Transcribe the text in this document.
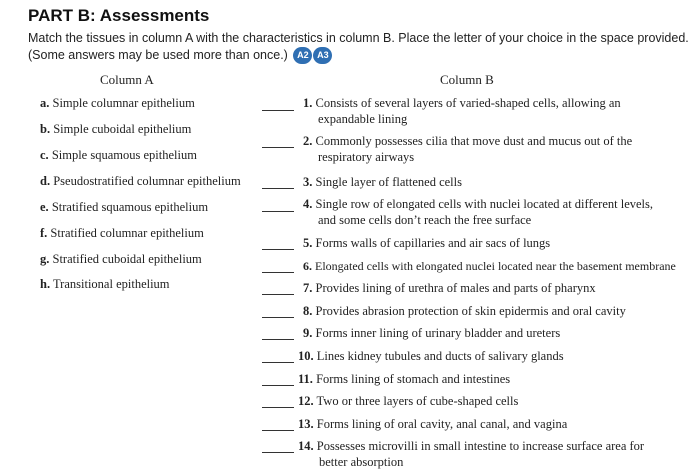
PART B: Assessments
Match the tissues in column A with the characteristics in column B. Place the letter of your choice in the space provided. (Some answers may be used more than once.) A2 A3
Column A	Column B
a. Simple columnar epithelium
b. Simple cuboidal epithelium
c. Simple squamous epithelium
d. Pseudostratified columnar epithelium
e. Stratified squamous epithelium
f. Stratified columnar epithelium
g. Stratified cuboidal epithelium
h. Transitional epithelium
1. Consists of several layers of varied-shaped cells, allowing an
expandable lining
2. Commonly possesses cilia that move dust and mucus out of the
respiratory airways
3. Single layer of flattened cells
4. Single row of elongated cells with nuclei located at different levels,
and some cells don’t reach the free surface
5. Forms walls of capillaries and air sacs of lungs
6. Elongated cells with elongated nuclei located near the basement membrane
7. Provides lining of urethra of males and parts of pharynx
8. Provides abrasion protection of skin epidermis and oral cavity
9. Forms inner lining of urinary bladder and ureters
10. Lines kidney tubules and ducts of salivary glands
11. Forms lining of stomach and intestines
12. Two or three layers of cube-shaped cells
13. Forms lining of oral cavity, anal canal, and vagina
14. Possesses microvilli in small intestine to increase surface area for
better absorption
